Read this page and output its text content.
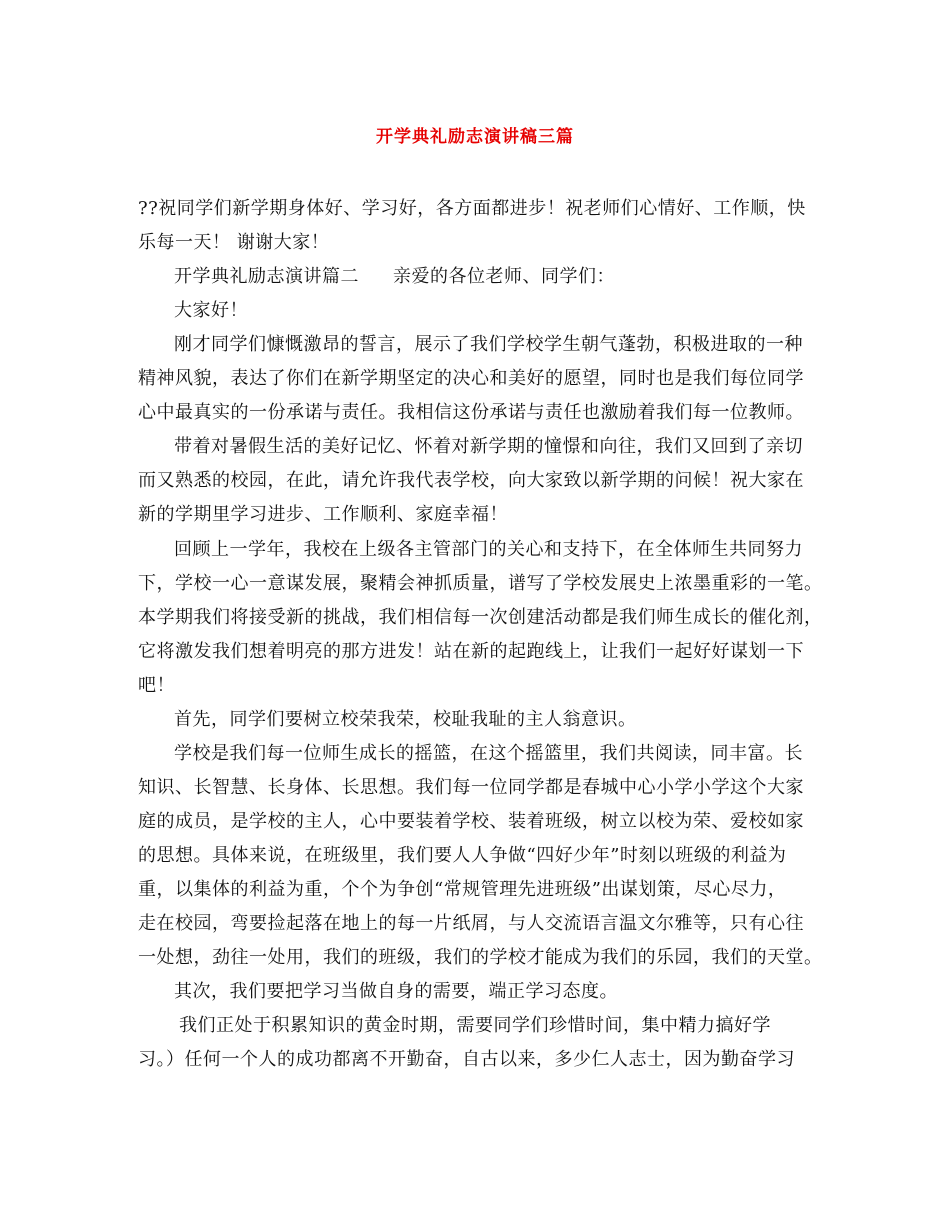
开学典礼励志演讲稿三篇
??祝同学们新学期身体好、学习好，各方面都进步！祝老师们心情好、工作顺，快
乐每一天！ 谢谢大家！
开学典礼励志演讲篇二 亲爱的各位老师、同学们：
大家好！
刚才同学们慷慨激昂的誓言，展示了我们学校学生朝气蓬勃，积极进取的一种
精神风貌，表达了你们在新学期坚定的决心和美好的愿望，同时也是我们每位同学
心中最真实的一份承诺与责任。我相信这份承诺与责任也激励着我们每一位教师。
带着对暑假生活的美好记忆、怀着对新学期的憧憬和向往，我们又回到了亲切
而又熟悉的校园，在此，请允许我代表学校，向大家致以新学期的问候！祝大家在
新的学期里学习进步、工作顺利、家庭幸福！
回顾上一学年，我校在上级各主管部门的关心和支持下，在全体师生共同努力
下，学校一心一意谋发展，聚精会神抓质量，谱写了学校发展史上浓墨重彩的一笔。
本学期我们将接受新的挑战，我们相信每一次创建活动都是我们师生成长的催化剂，
它将激发我们想着明亮的那方进发！站在新的起跑线上，让我们一起好好谋划一下
吧！
首先，同学们要树立校荣我荣，校耻我耻的主人翁意识。
学校是我们每一位师生成长的摇篮，在这个摇篮里，我们共阅读，同丰富。长
知识、长智慧、长身体、长思想。我们每一位同学都是春城中心小学小学这个大家
庭的成员，是学校的主人，心中要装着学校、装着班级，树立以校为荣、爱校如家
的思想。具体来说，在班级里，我们要人人争做“四好少年”时刻以班级的利益为
重，以集体的利益为重，个个为争创“常规管理先进班级”出谋划策，尽心尽力，
走在校园，弯要捡起落在地上的每一片纸屑，与人交流语言温文尔雅等，只有心往
一处想，劲往一处用，我们的班级，我们的学校才能成为我们的乐园，我们的天堂。
其次，我们要把学习当做自身的需要，端正学习态度。
我们正处于积累知识的黄金时期，需要同学们珍惜时间，集中精力搞好学
习。）任何一个人的成功都离不开勤奋，自古以来，多少仁人志士，因为勤奋学习
